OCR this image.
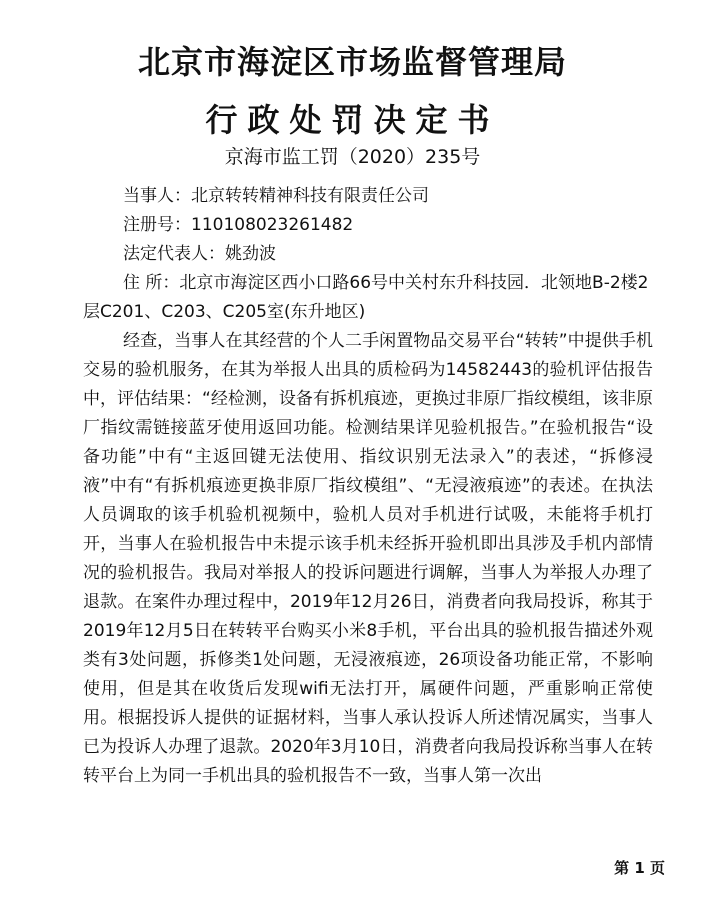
北京市海淀区市场监督管理局
行政处罚决定书
京海市监工罚（2020）235号
当事人：北京转转精神科技有限责任公司
注册号：110108023261482
法定代表人：姚劲波
住 所：北京市海淀区西小口路66号中关村东升科技园．北领地B-2楼2层C201、C203、C205室(东升地区)
经查，当事人在其经营的个人二手闲置物品交易平台“转转”中提供手机交易的验机服务，在其为举报人出具的质检码为14582443的验机评估报告中，评估结果：“经检测，设备有拆机痕迹，更换过非原厂指纹模组，该非原厂指纹需链接蓝牙使用返回功能。检测结果详见验机报告。”在验机报告“设备功能”中有“主返回键无法使用、指纹识别无法录入”的表述，“拆修浸液”中有“有拆机痕迹更换非原厂指纹模组”、“无浸液痕迹”的表述。在执法人员调取的该手机验机视频中，验机人员对手机进行试吸，未能将手机打开，当事人在验机报告中未提示该手机未经拆开验机即出具涉及手机内部情况的验机报告。我局对举报人的投诉问题进行调解，当事人为举报人办理了退款。在案件办理过程中，2019年12月26日，消费者向我局投诉，称其于2019年12月5日在转转平台购买小米8手机，平台出具的验机报告描述外观类有3处问题，拆修类1处问题，无浸液痕迹，26项设备功能正常，不影响使用，但是其在收货后发现wifi无法打开，属硬件问题，严重影响正常使用。根据投诉人提供的证据材料，当事人承认投诉人所述情况属实，当事人已为投诉人办理了退款。2020年3月10日，消费者向我局投诉称当事人在转转平台上为同一手机出具的验机报告不一致，当事人第一次出
第 1 页
